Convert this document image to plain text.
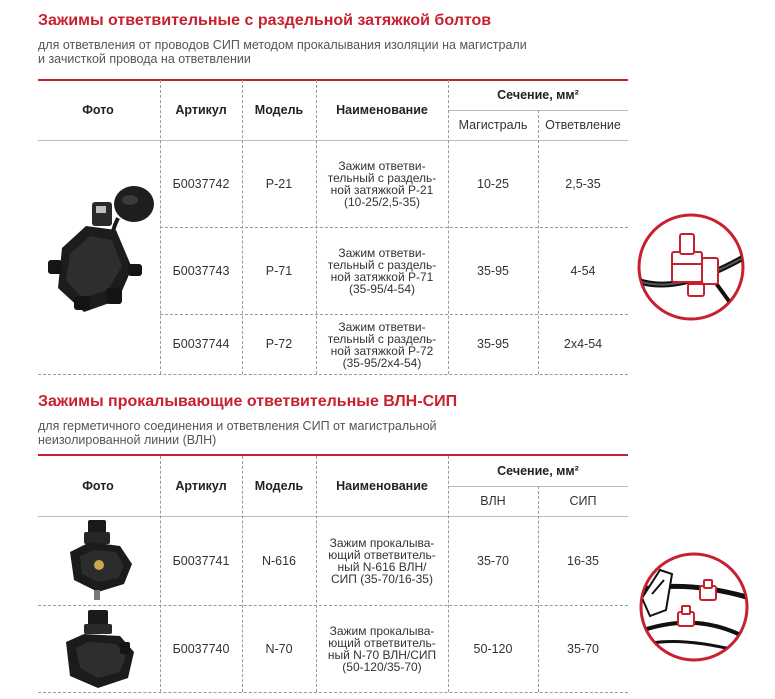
Зажимы ответвительные с раздельной затяжкой болтов
для ответвления от проводов СИП методом прокалывания изоляции на магистрали
и зачисткой провода на ответвлении
Фото	Артикул	Модель	Наименование
Сечение, мм²
Магистраль	Ответвление
Б0037742	Р-21
Зажим ответви-
тельный с раздель-
ной затяжкой Р-21
(10-25/2,5-35)
10-25	2,5-35
Б0037743	Р-71
Зажим ответви-
тельный с раздель-
ной затяжкой Р-71
(35-95/4-54)
35-95	4-54
Б0037744	Р-72
Зажим ответви-
тельный с раздель-
ной затяжкой Р-72
(35-95/2х4-54)
35-95	2х4-54
Зажимы прокалывающие ответвительные ВЛН-СИП
для герметичного соединения и ответвления СИП от магистральной
неизолированной линии (ВЛН)
Фото	Артикул	Модель	Наименование
Сечение, мм²
ВЛН	СИП
Б0037741	N-616
Зажим прокалыва-
ющий ответвитель-
ный N-616 ВЛН/
СИП (35-70/16-35)
35-70	16-35
Б0037740	N-70
Зажим прокалыва-
ющий ответвитель-
ный N-70 ВЛН/СИП
(50-120/35-70)
50-120	35-70
